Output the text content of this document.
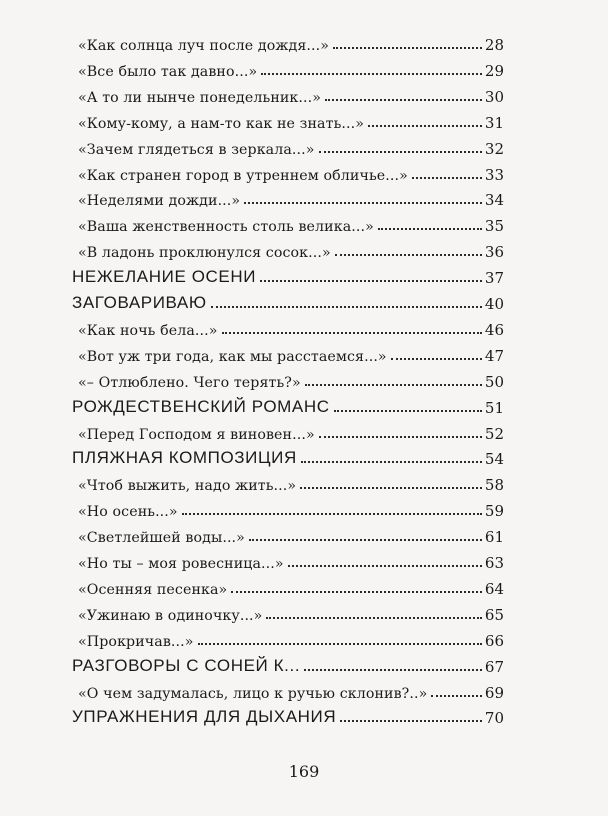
«Как солнца луч после дождя...»	28
«Все было так давно...»	29
«А то ли нынче понедельник...»	30
«Кому-кому, а нам-то как не знать...»	31
«Зачем глядеться в зеркала...»	32
«Как странен город в утреннем обличье...»	33
«Неделями дожди...»	34
«Ваша женственность столь велика...»	35
«В ладонь проклюнулся сосок...»	36
НЕЖЕЛАНИЕ ОСЕНИ	37
ЗАГОВАРИВАЮ	40
«Как ночь бела...»	46
«Вот уж три года, как мы расстаемся...»	47
«– Отлюблено. Чего терять?»	50
РОЖДЕСТВЕНСКИЙ РОМАНС	51
«Перед Господом я виновен...»	52
ПЛЯЖНАЯ КОМПОЗИЦИЯ	54
«Чтоб выжить, надо жить...»	58
«Но осень...»	59
«Светлейшей воды...»	61
«Но ты – моя ровесница...»	63
«Осенняя песенка»	64
«Ужинаю в одиночку...»	65
«Прокричав...»	66
РАЗГОВОРЫ С СОНЕЙ К...	67
«О чем задумалась, лицо к ручью склонив?..»	69
УПРАЖНЕНИЯ ДЛЯ ДЫХАНИЯ	70
169
